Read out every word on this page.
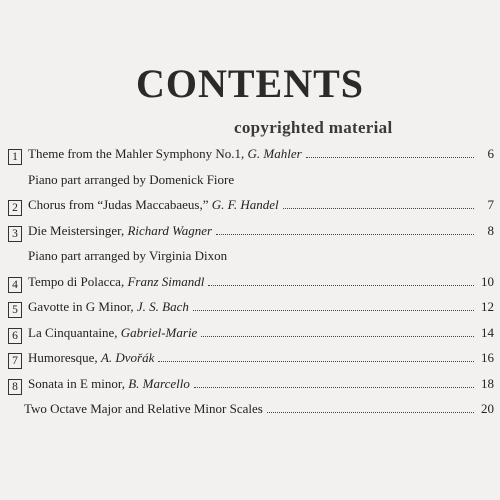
CONTENTS
copyrighted material
1 Theme from the Mahler Symphony No.1, G. Mahler	6
Piano part arranged by Domenick Fiore
2 Chorus from “Judas Maccabaeus,” G. F. Handel	7
3 Die Meistersinger, Richard Wagner	8
Piano part arranged by Virginia Dixon
4 Tempo di Polacca, Franz Simandl	10
5 Gavotte in G Minor, J. S. Bach	12
6 La Cinquantaine, Gabriel-Marie	14
7 Humoresque, A. Dvořák	16
8 Sonata in E minor, B. Marcello	18
Two Octave Major and Relative Minor Scales	20
